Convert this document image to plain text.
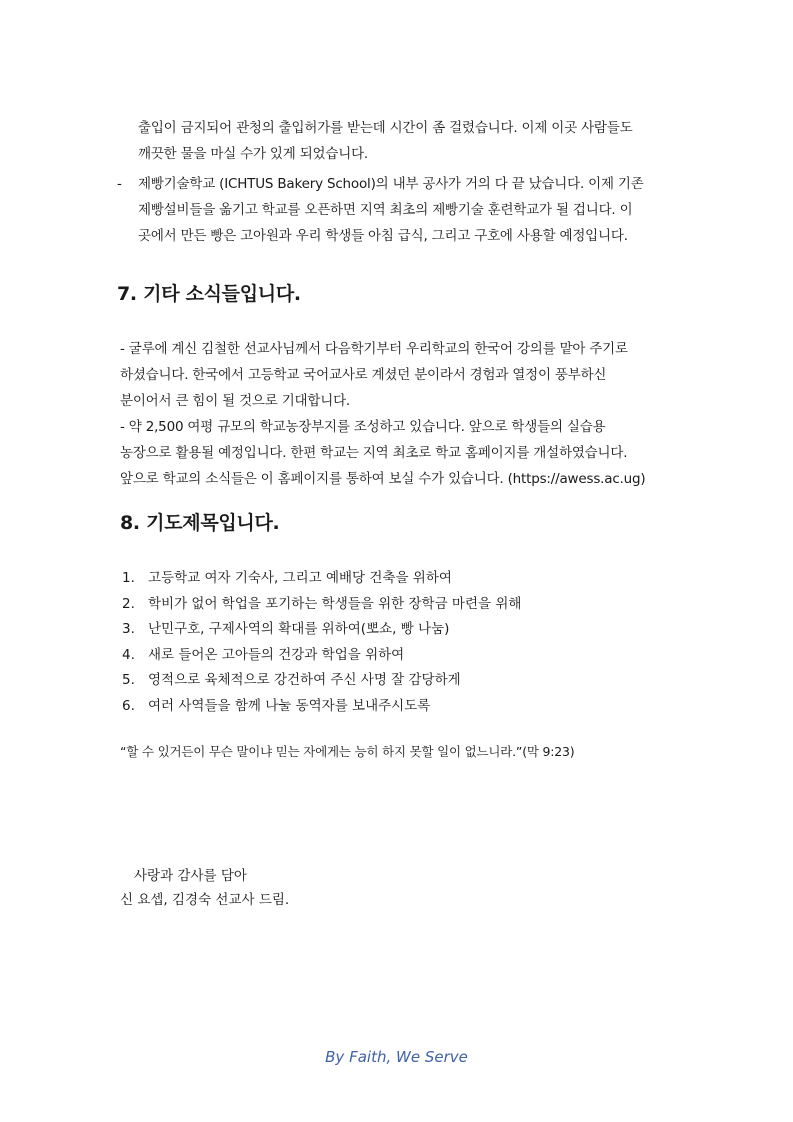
출입이 금지되어 관청의 출입허가를 받는데 시간이 좀 걸렸습니다. 이제 이곳 사람들도
깨끗한 물을 마실 수가 있게 되었습니다.
- 제빵기술학교 (ICHTUS Bakery School)의 내부 공사가 거의 다 끝 났습니다. 이제 기존
제빵설비들을 옮기고 학교를 오픈하면 지역 최초의 제빵기술 훈련학교가 될 겁니다. 이
곳에서 만든 빵은 고아원과 우리 학생들 아침 급식, 그리고 구호에 사용할 예정입니다.
7. 기타 소식들입니다.
- 굴루에 계신 김철한 선교사님께서 다음학기부터 우리학교의 한국어 강의를 맡아 주기로
하셨습니다. 한국에서 고등학교 국어교사로 계셨던 분이라서 경험과 열정이 풍부하신
분이어서 큰 힘이 될 것으로 기대합니다.
- 약 2,500 여평 규모의 학교농장부지를 조성하고 있습니다. 앞으로 학생들의 실습용
농장으로 활용될 예정입니다. 한편 학교는 지역 최초로 학교 홈페이지를 개설하였습니다.
앞으로 학교의 소식들은 이 홈페이지를 통하여 보실 수가 있습니다. (https://awess.ac.ug)
8. 기도제목입니다.
1. 고등학교 여자 기숙사, 그리고 예배당 건축을 위하여
2. 학비가 없어 학업을 포기하는 학생들을 위한 장학금 마련을 위해
3. 난민구호, 구제사역의 확대를 위하여(뽀쇼, 빵 나눔)
4. 새로 들어온 고아들의 건강과 학업을 위하여
5. 영적으로 육체적으로 강건하여 주신 사명 잘 감당하게
6. 여러 사역들을 함께 나눌 동역자를 보내주시도록
“할 수 있거든이 무슨 말이냐 믿는 자에게는 능히 하지 못할 일이 없느니라.”(막 9:23)
사랑과 감사를 담아
신 요셉, 김경숙 선교사 드림.
By Faith, We Serve
